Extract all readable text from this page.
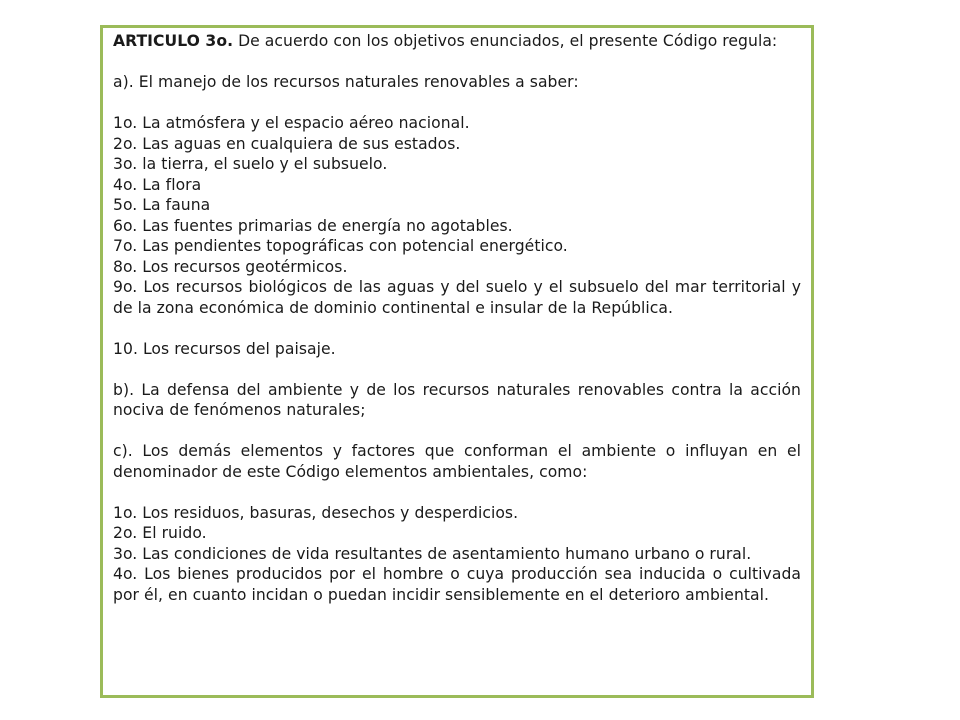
ARTICULO 3o. De acuerdo con los objetivos enunciados, el presente Código regula:

a). El manejo de los recursos naturales renovables a saber:

1o. La atmósfera y el espacio aéreo nacional.

2o. Las aguas en cualquiera de sus estados.

3o. la tierra, el suelo y el subsuelo.

4o. La flora

5o. La fauna

6o. Las fuentes primarias de energía no agotables.

7o. Las pendientes topográficas con potencial energético.

8o. Los recursos geotérmicos.

9o. Los recursos biológicos de las aguas y del suelo y el subsuelo del mar territorial y de la zona económica de dominio continental e insular de la República.

10. Los recursos del paisaje.

b). La defensa del ambiente y de los recursos naturales renovables contra la acción nociva de fenómenos naturales;

c). Los demás elementos y factores que conforman el ambiente o influyan en el denominador de este Código elementos ambientales, como:

1o. Los residuos, basuras, desechos y desperdicios.

2o. El ruido.

3o. Las condiciones de vida resultantes de asentamiento humano urbano o rural.

4o. Los bienes producidos por el hombre o cuya producción sea inducida o cultivada por él, en cuanto incidan o puedan incidir sensiblemente en el deterioro ambiental.
